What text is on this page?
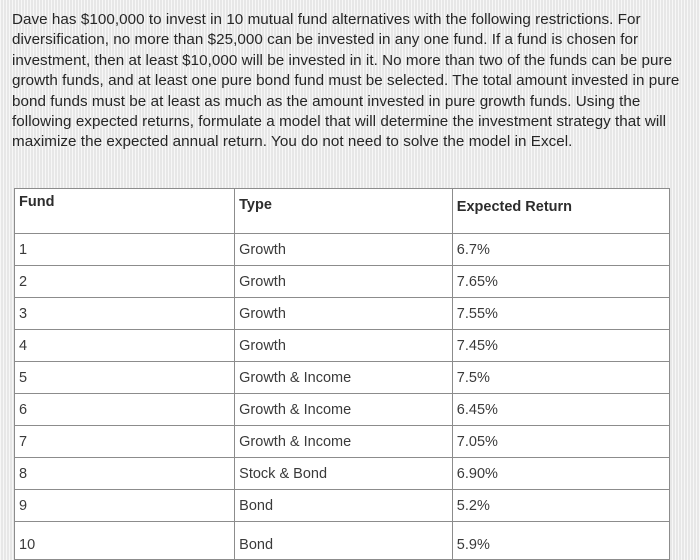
Dave has $100,000 to invest in 10 mutual fund alternatives with the following restrictions. For diversification, no more than $25,000 can be invested in any one fund. If a fund is chosen for investment, then at least $10,000 will be invested in it. No more than two of the funds can be pure growth funds, and at least one pure bond fund must be selected. The total amount invested in pure bond funds must be at least as much as the amount invested in pure growth funds. Using the following expected returns, formulate a model that will determine the investment strategy that will maximize the expected annual return. You do not need to solve the model in Excel.

Fund	Type	Expected Return
1	Growth	6.7%
2	Growth	7.65%
3	Growth	7.55%
4	Growth	7.45%
5	Growth & Income	7.5%
6	Growth & Income	6.45%
7	Growth & Income	7.05%
8	Stock & Bond	6.90%
9	Bond	5.2%
10	Bond	5.9%
